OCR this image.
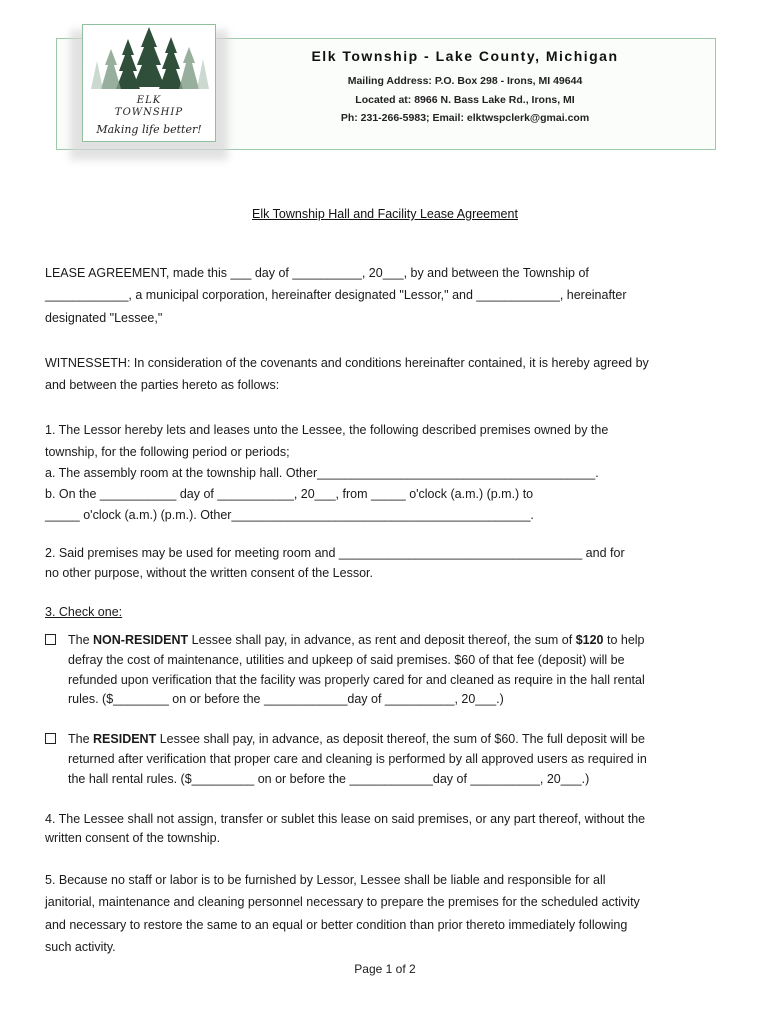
ELK
TOWNSHIP
Making life better!
Elk Township - Lake County, Michigan
Mailing Address: P.O. Box 298 - Irons, MI 49644
Located at: 8966 N. Bass Lake Rd., Irons, MI
Ph: 231-266-5983; Email: elktwspclerk@gmai.com
Elk Township Hall and Facility Lease Agreement
LEASE AGREEMENT, made this ___ day of __________, 20___, by and between the Township of
____________, a municipal corporation, hereinafter designated "Lessor," and ____________, hereinafter
designated "Lessee,"
WITNESSETH: In consideration of the covenants and conditions hereinafter contained, it is hereby agreed by
and between the parties hereto as follows:
1. The Lessor hereby lets and leases unto the Lessee, the following described premises owned by the
township, for the following period or periods;
a. The assembly room at the township hall. Other________________________________________.
b. On the ___________ day of ___________, 20___, from _____ o'clock (a.m.) (p.m.) to
_____ o'clock (a.m.) (p.m.). Other___________________________________________.
2. Said premises may be used for meeting room and ___________________________________ and for
no other purpose, without the written consent of the Lessor.
3. Check one:
The NON-RESIDENT Lessee shall pay, in advance, as rent and deposit thereof, the sum of $120 to help
defray the cost of maintenance, utilities and upkeep of said premises. $60 of that fee (deposit) will be
refunded upon verification that the facility was properly cared for and cleaned as require in the hall rental
rules. ($________ on or before the ____________day of __________, 20___.)
The RESIDENT Lessee shall pay, in advance, as deposit thereof, the sum of $60. The full deposit will be
returned after verification that proper care and cleaning is performed by all approved users as required in
the hall rental rules. ($_________ on or before the ____________day of __________, 20___.)
4. The Lessee shall not assign, transfer or sublet this lease on said premises, or any part thereof, without the
written consent of the township.
5. Because no staff or labor is to be furnished by Lessor, Lessee shall be liable and responsible for all
janitorial, maintenance and cleaning personnel necessary to prepare the premises for the scheduled activity
and necessary to restore the same to an equal or better condition than prior thereto immediately following
such activity.
Page 1 of 2
